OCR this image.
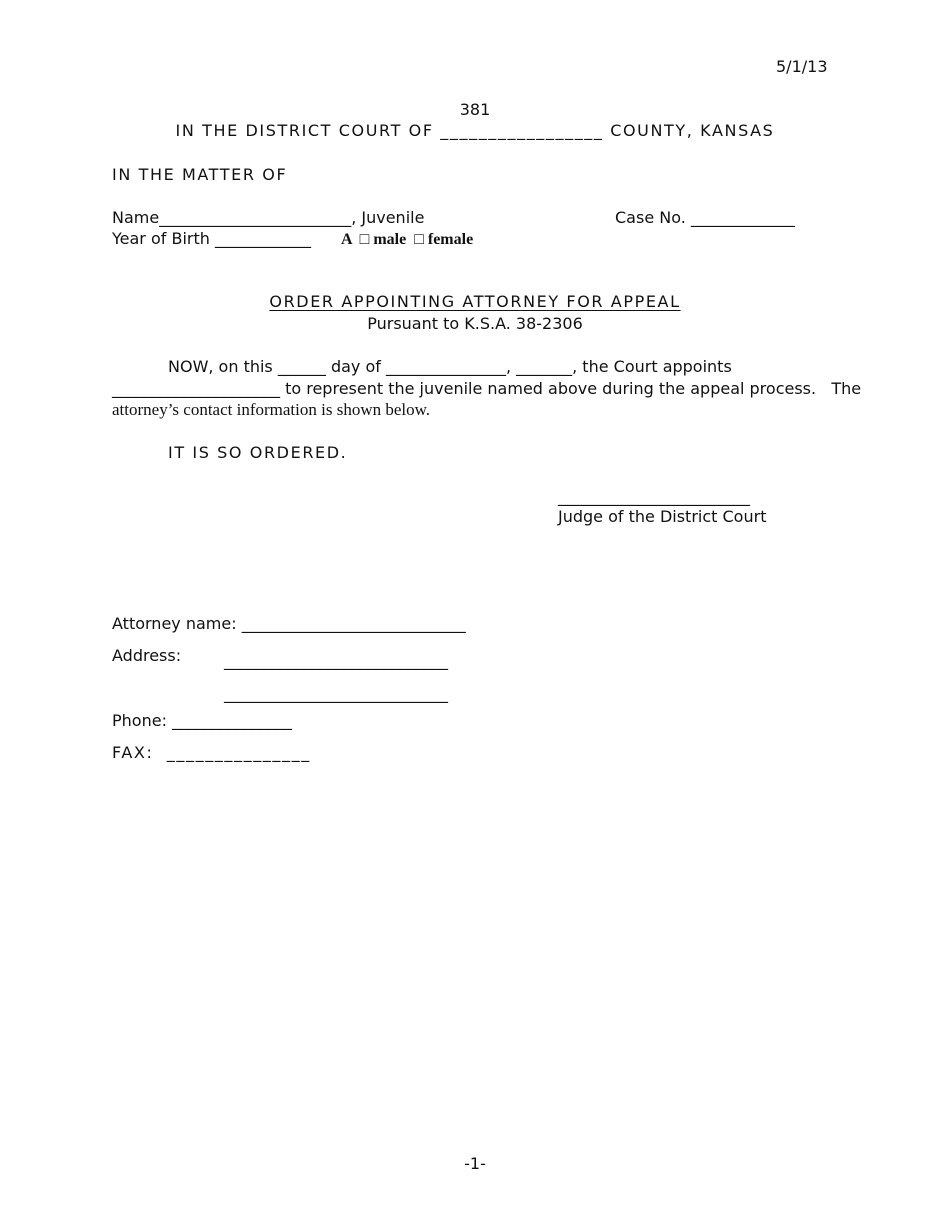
5/1/13
381
IN THE DISTRICT COURT OF _________________ COUNTY, KANSAS
IN THE MATTER OF
Name________________________, Juvenile	Case No. _____________
Year of Birth ____________ A  □ male  □ female
ORDER APPOINTING ATTORNEY FOR APPEAL
Pursuant to K.S.A. 38-2306
NOW, on this ______ day of _______________, _______, the Court appoints
_____________________ to represent the juvenile named above during the appeal process.   The
attorney’s contact information is shown below.
IT IS SO ORDERED.
________________________
Judge of the District Court
Attorney name: ____________________________
Address:	____________________________
____________________________
Phone: _______________
FAX:  _______________
-1-
